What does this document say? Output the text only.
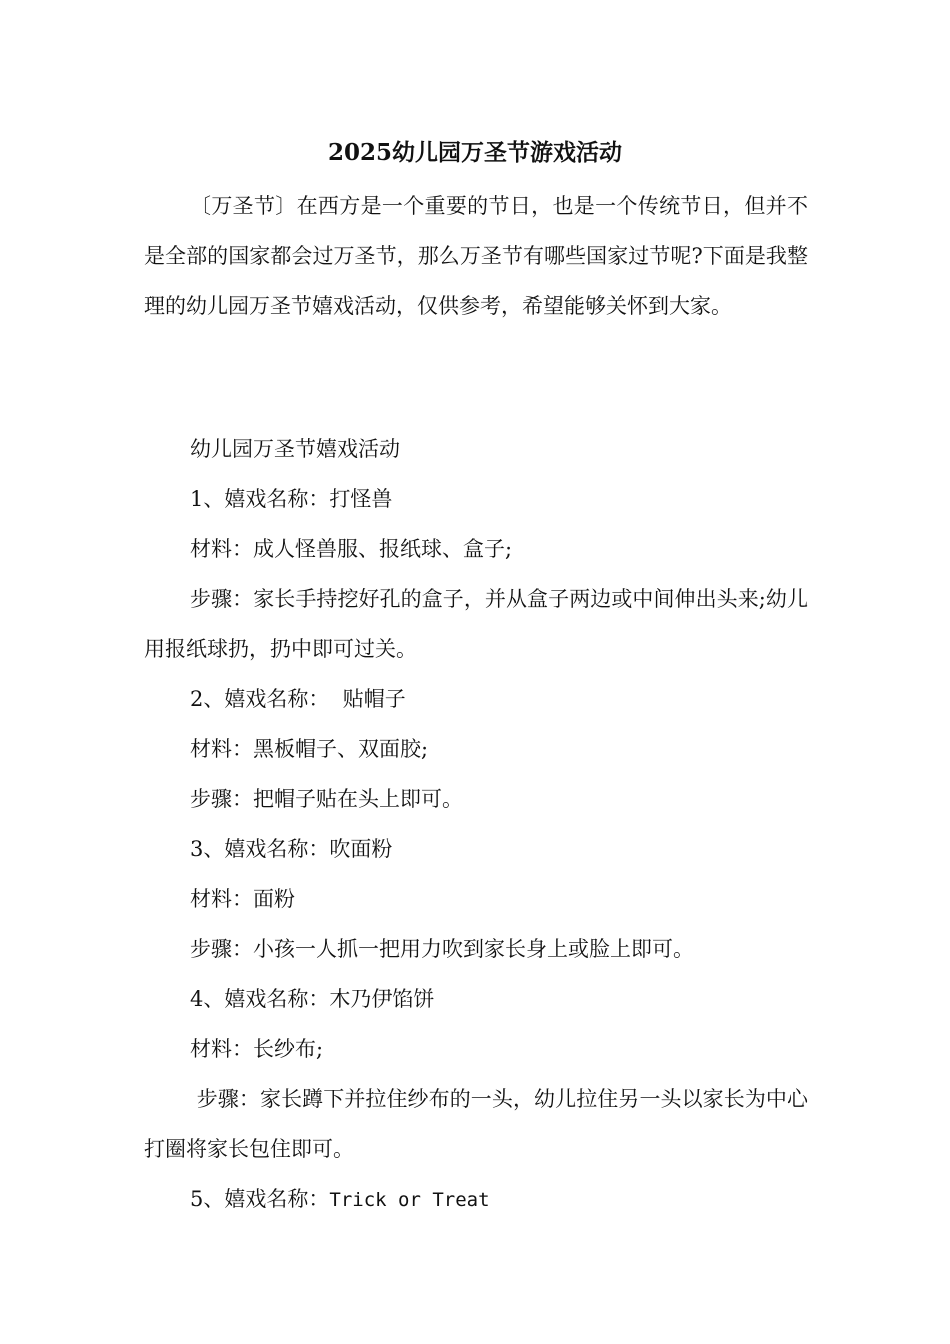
2025幼儿园万圣节游戏活动

〔万圣节〕在西方是一个重要的节日，也是一个传统节日，但并不是全部的国家都会过万圣节，那么万圣节有哪些国家过节呢?下面是我整理的幼儿园万圣节嬉戏活动，仅供参考，希望能够关怀到大家。

幼儿园万圣节嬉戏活动

1、嬉戏名称：打怪兽

材料：成人怪兽服、报纸球、盒子;

步骤：家长手持挖好孔的盒子，并从盒子两边或中间伸出头来;幼儿用报纸球扔，扔中即可过关。

2、嬉戏名称：  贴帽子

材料：黑板帽子、双面胶;

步骤：把帽子贴在头上即可。

3、嬉戏名称：吹面粉

材料：面粉

步骤：小孩一人抓一把用力吹到家长身上或脸上即可。

4、嬉戏名称：木乃伊馅饼

材料：长纱布;

步骤：家长蹲下并拉住纱布的一头，幼儿拉住另一头以家长为中心打圈将家长包住即可。

5、嬉戏名称：Trick or Treat
